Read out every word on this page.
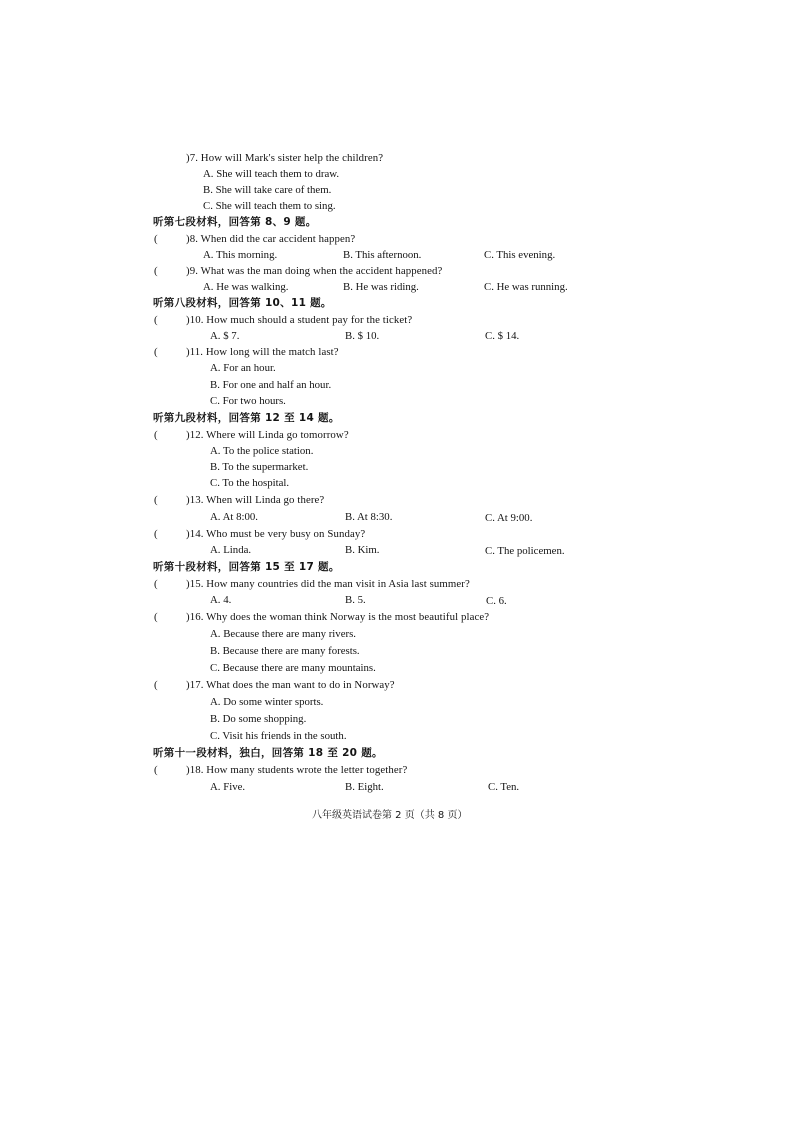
)7. How will Mark's sister help the children?
A. She will teach them to draw.
B. She will take care of them.
C. She will teach them to sing.
听第七段材料，回答第 8、9 题。
(	)8. When did the car accident happen?
A. This morning.	B. This afternoon.	C. This evening.
(	)9. What was the man doing when the accident happened?
A. He was walking.	B. He was riding.	C. He was running.
听第八段材料，回答第 10、11 题。
(	)10. How much should a student pay for the ticket?
A. $ 7.	B. $ 10.	C. $ 14.
(	)11. How long will the match last?
A. For an hour.
B. For one and half an hour.
C. For two hours.
听第九段材料，回答第 12 至 14 题。
(	)12. Where will Linda go tomorrow?
A. To the police station.
B. To the supermarket.
C. To the hospital.
(	)13. When will Linda go there?
A. At 8:00.	B. At 8:30.	C. At 9:00.
(	)14. Who must be very busy on Sunday?
A. Linda.	B. Kim.	C. The policemen.
听第十段材料，回答第 15 至 17 题。
(	)15. How many countries did the man visit in Asia last summer?
A. 4.	B. 5.	C. 6.
(	)16. Why does the woman think Norway is the most beautiful place?
A. Because there are many rivers.
B. Because there are many forests.
C. Because there are many mountains.
(	)17. What does the man want to do in Norway?
A. Do some winter sports.
B. Do some shopping.
C. Visit his friends in the south.
听第十一段材料，独白，回答第 18 至 20 题。
(	)18. How many students wrote the letter together?
A. Five.	B. Eight.	C. Ten.
八年级英语试卷第 2 页（共 8 页）
